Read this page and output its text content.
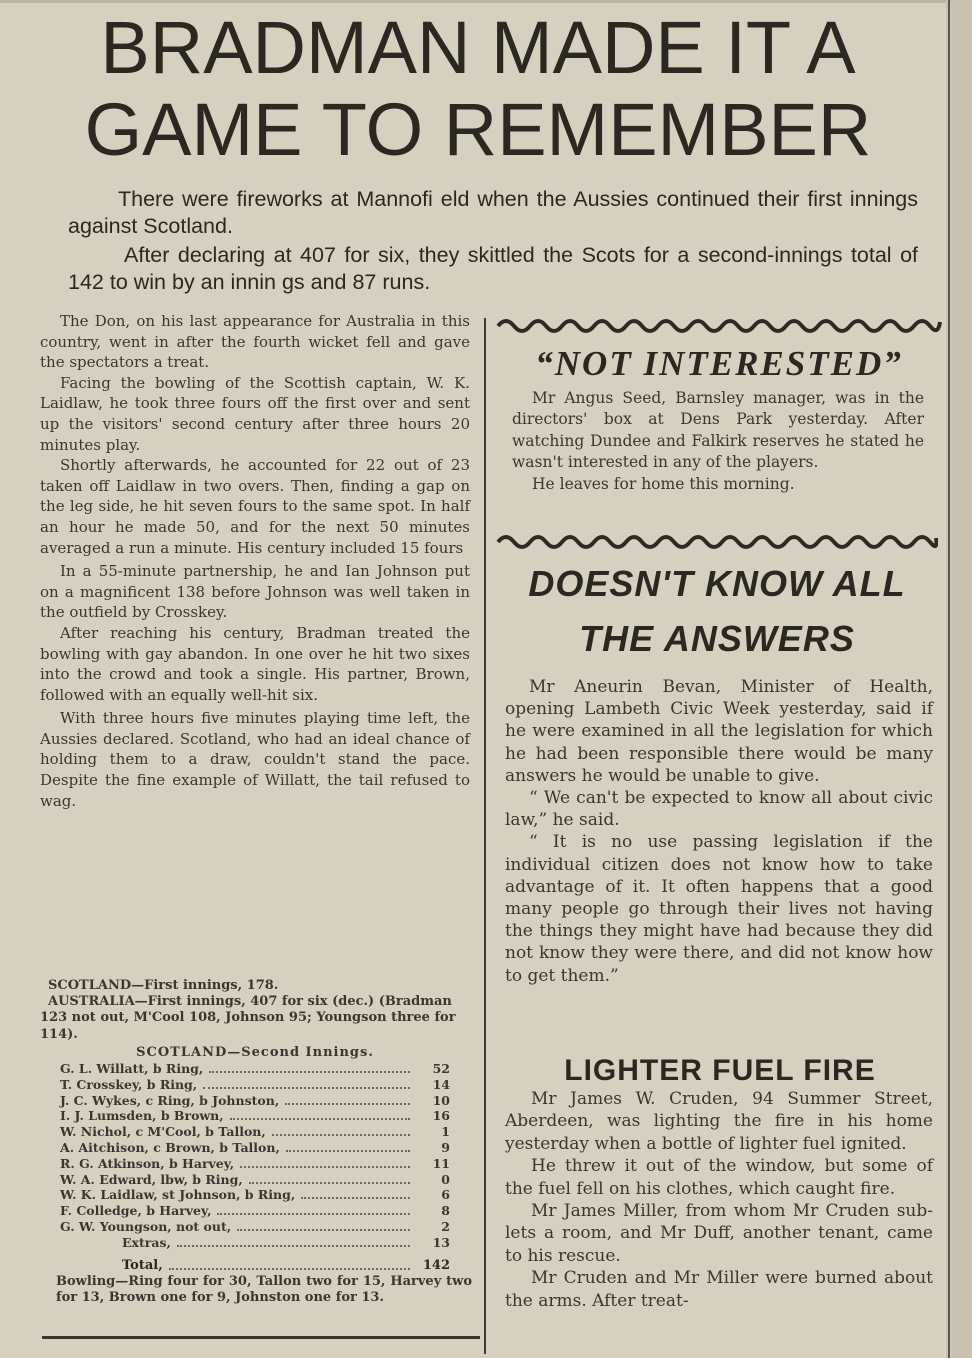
BRADMAN MADE IT A
GAME TO REMEMBER

There were fireworks at Mannofi eld when the Aussies continued their first innings against Scotland.

After declaring at 407 for six, they skittled the Scots for a second-innings total of 142 to win by an innin gs and 87 runs.

The Don, on his last appearance for Australia in this country, went in after the fourth wicket fell and gave the spectators a treat.

Facing the bowling of the Scottish captain, W. K. Laidlaw, he took three fours off the first over and sent up the visitors' second century after three hours 20 minutes play.

Shortly afterwards, he accounted for 22 out of 23 taken off Laidlaw in two overs. Then, finding a gap on the leg side, he hit seven fours to the same spot. In half an hour he made 50, and for the next 50 minutes averaged a run a minute. His century included 15 fours

In a 55-minute partnership, he and Ian Johnson put on a magnificent 138 before Johnson was well taken in the outfield by Crosskey.

After reaching his century, Bradman treated the bowling with gay abandon. In one over he hit two sixes into the crowd and took a single. His partner, Brown, followed with an equally well-hit six.

With three hours five minutes playing time left, the Aussies declared. Scotland, who had an ideal chance of holding them to a draw, couldn't stand the pace. Despite the fine example of Willatt, the tail refused to wag.

SCOTLAND—First innings, 178.

AUSTRALIA—First innings, 407 for six (dec.) (Bradman 123 not out, M'Cool 108, Johnson 95; Youngson three for 114).

SCOTLAND—Second Innings.

G. L. Willatt, b Ring,	52
T. Crosskey, b Ring,	14
J. C. Wykes, c Ring, b Johnston,	10
I. J. Lumsden, b Brown,	16
W. Nichol, c M'Cool, b Tallon,	1
A. Aitchison, c Brown, b Tallon,	9
R. G. Atkinson, b Harvey,	11
W. A. Edward, lbw, b Ring,	0
W. K. Laidlaw, st Johnson, b Ring,	6
F. Colledge, b Harvey,	8
G. W. Youngson, not out,	2
Extras,	13
Total,	142

Bowling—Ring four for 30, Tallon two for 15, Harvey two for 13, Brown one for 9, Johnston one for 13.

“NOT INTERESTED”

Mr Angus Seed, Barnsley manager, was in the directors' box at Dens Park yesterday. After watching Dundee and Falkirk reserves he stated he wasn't interested in any of the players.

He leaves for home this morning.

DOESN'T KNOW ALL
THE ANSWERS

Mr Aneurin Bevan, Minister of Health, opening Lambeth Civic Week yesterday, said if he were examined in all the legislation for which he had been responsible there would be many answers he would be unable to give.

“ We can't be expected to know all about civic law,” he said.

“ It is no use passing legislation if the individual citizen does not know how to take advantage of it. It often happens that a good many people go through their lives not having the things they might have had because they did not know they were there, and did not know how to get them.”

LIGHTER FUEL FIRE

Mr James W. Cruden, 94 Summer Street, Aberdeen, was lighting the fire in his home yesterday when a bottle of lighter fuel ignited.

He threw it out of the window, but some of the fuel fell on his clothes, which caught fire.

Mr James Miller, from whom Mr Cruden sub-lets a room, and Mr Duff, another tenant, came to his rescue.

Mr Cruden and Mr Miller were burned about the arms. After treat-
